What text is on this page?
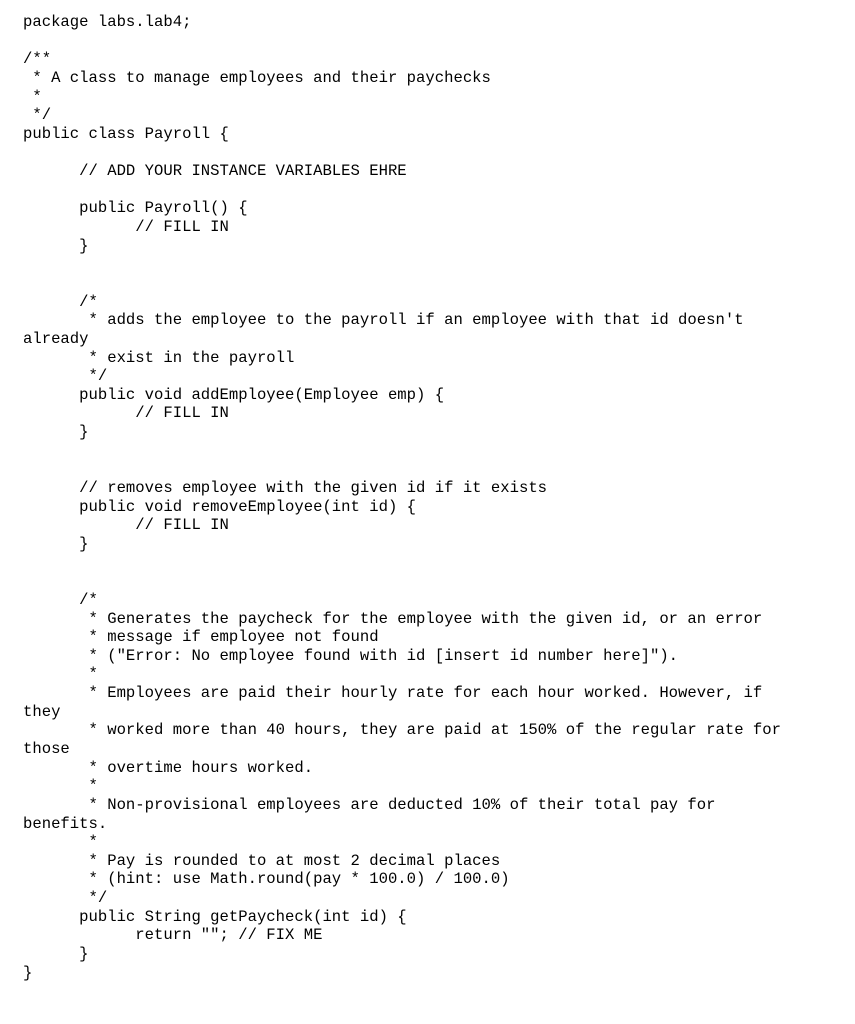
package labs.lab4;
/**
* A class to manage employees and their paychecks
*
*/
public class Payroll {
// ADD YOUR INSTANCE VARIABLES EHRE
public Payroll() {
// FILL IN
}
/*
* adds the employee to the payroll if an employee with that id doesn't
already
* exist in the payroll
*/
public void addEmployee(Employee emp) {
// FILL IN
}
// removes employee with the given id if it exists
public void removeEmployee(int id) {
// FILL IN
}
/*
* Generates the paycheck for the employee with the given id, or an error
* message if employee not found
* ("Error: No employee found with id [insert id number here]").
*
* Employees are paid their hourly rate for each hour worked. However, if
they
* worked more than 40 hours, they are paid at 150% of the regular rate for
those
* overtime hours worked.
*
* Non-provisional employees are deducted 10% of their total pay for
benefits.
*
* Pay is rounded to at most 2 decimal places
* (hint: use Math.round(pay * 100.0) / 100.0)
*/
public String getPaycheck(int id) {
return ""; // FIX ME
}
}
